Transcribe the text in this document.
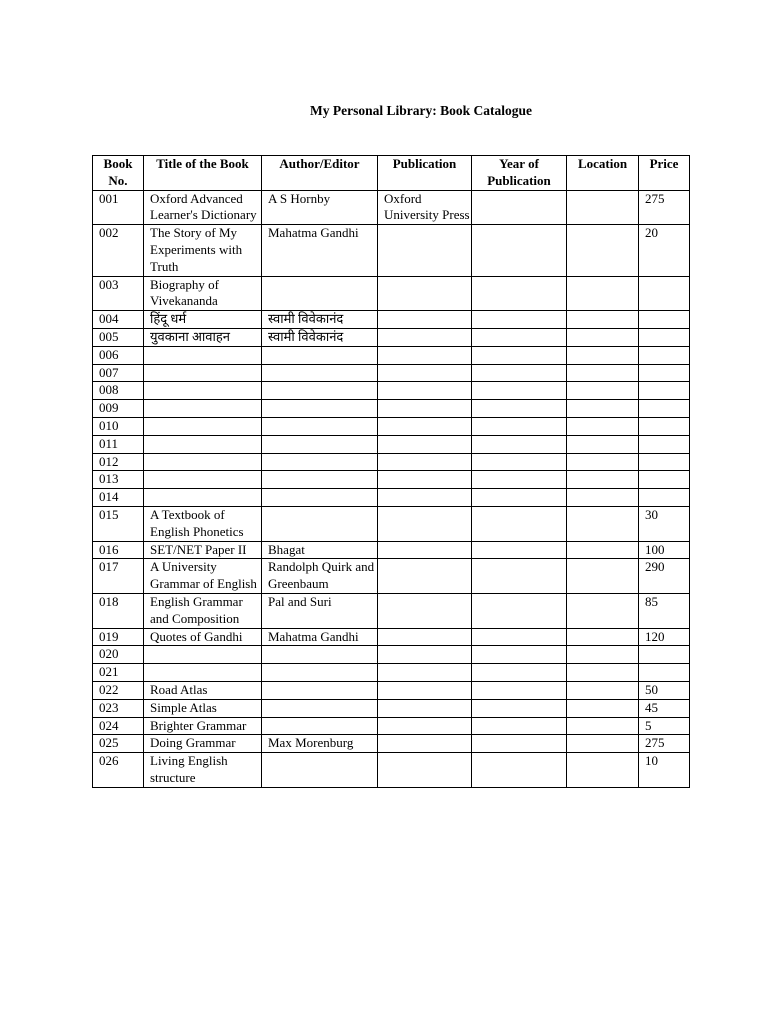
My Personal Library: Book Catalogue
Book No.	Title of the Book	Author/Editor	Publication	Year of Publication	Location	Price
001	Oxford Advanced Learner's Dictionary	A S Hornby	Oxford University Press			275
002	The Story of My Experiments with Truth	Mahatma Gandhi				20
003	Biography of Vivekananda					
004	हिंदू धर्म	स्वामी विवेकानंद				
005	युवकाना आवाहन	स्वामी विवेकानंद				
006						
007						
008						
009						
010						
011						
012						
013						
014						
015	A Textbook of English Phonetics					30
016	SET/NET Paper II	Bhagat				100
017	A University Grammar of English	Randolph Quirk and Greenbaum				290
018	English Grammar and Composition	Pal and Suri				85
019	Quotes of Gandhi	Mahatma Gandhi				120
020						
021						
022	Road Atlas					50
023	Simple Atlas					45
024	Brighter Grammar					5
025	Doing Grammar	Max Morenburg				275
026	Living English structure					10
